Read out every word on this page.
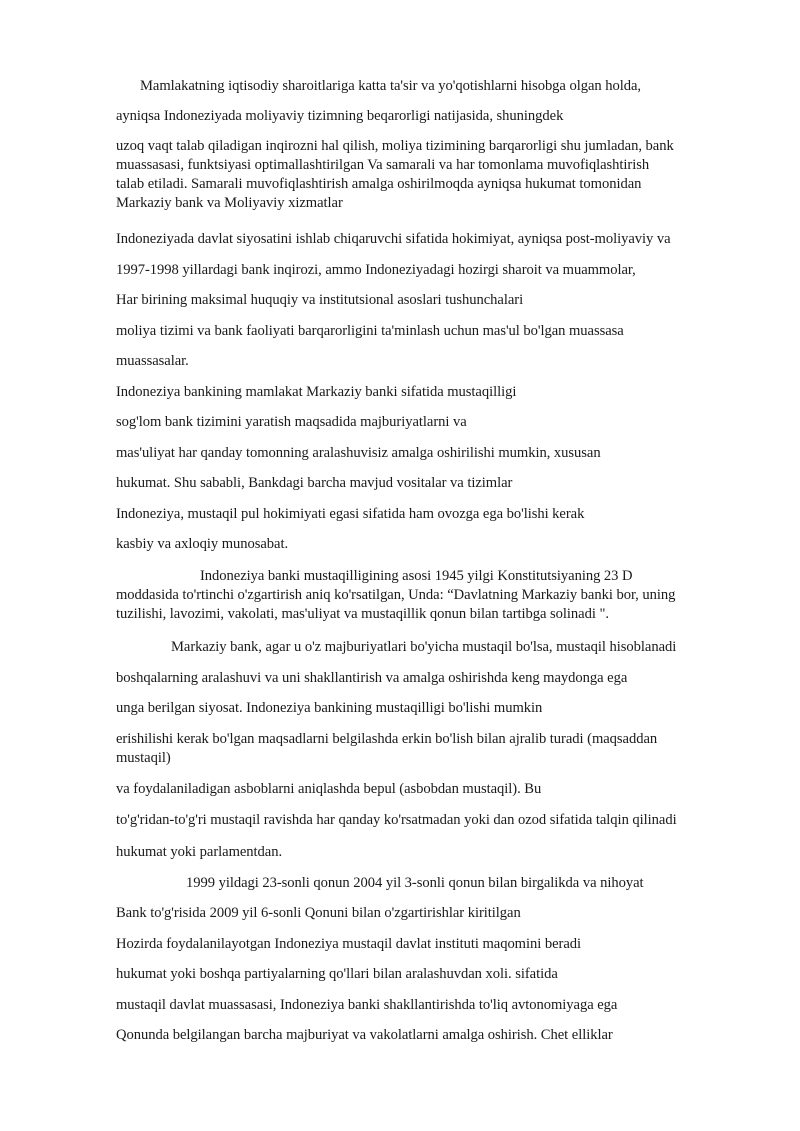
Mamlakatning iqtisodiy sharoitlariga katta ta'sir va yo'qotishlarni hisobga olgan holda,
ayniqsa Indoneziyada moliyaviy tizimning beqarorligi natijasida, shuningdek
uzoq vaqt talab qiladigan inqirozni hal qilish, moliya tizimining barqarorligi shu jumladan, bank
muassasasi, funktsiyasi optimallashtirilgan Va samarali va har tomonlama muvofiqlashtirish
talab etiladi. Samarali muvofiqlashtirish amalga oshirilmoqda ayniqsa hukumat tomonidan
Markaziy bank va Moliyaviy xizmatlar
Indoneziyada davlat siyosatini ishlab chiqaruvchi sifatida hokimiyat, ayniqsa post-moliyaviy va
1997-1998 yillardagi bank inqirozi, ammo Indoneziyadagi hozirgi sharoit va muammolar,
Har birining maksimal huquqiy va institutsional asoslari tushunchalari
moliya tizimi va bank faoliyati barqarorligini ta'minlash uchun mas'ul bo'lgan muassasa
muassasalar.
Indoneziya bankining mamlakat Markaziy banki sifatida mustaqilligi
sog'lom bank tizimini yaratish maqsadida majburiyatlarni va
mas'uliyat har qanday tomonning aralashuvisiz amalga oshirilishi mumkin, xususan
hukumat. Shu sababli, Bankdagi barcha mavjud vositalar va tizimlar
Indoneziya, mustaqil pul hokimiyati egasi sifatida ham ovozga ega bo'lishi kerak
kasbiy va axloqiy munosabat.
Indoneziya banki mustaqilligining asosi 1945 yilgi Konstitutsiyaning 23 D
moddasida to'rtinchi o'zgartirish aniq ko'rsatilgan, Unda: “Davlatning Markaziy banki bor, uning
tuzilishi, lavozimi, vakolati, mas'uliyat va mustaqillik qonun bilan tartibga solinadi ".
Markaziy bank, agar u o'z majburiyatlari bo'yicha mustaqil bo'lsa, mustaqil hisoblanadi
boshqalarning aralashuvi va uni shakllantirish va amalga oshirishda keng maydonga ega
unga berilgan siyosat. Indoneziya bankining mustaqilligi bo'lishi mumkin
erishilishi kerak bo'lgan maqsadlarni belgilashda erkin bo'lish bilan ajralib turadi (maqsaddan
mustaqil)
va foydalaniladigan asboblarni aniqlashda bepul (asbobdan mustaqil). Bu
to'g'ridan-to'g'ri mustaqil ravishda har qanday ko'rsatmadan yoki dan ozod sifatida talqin qilinadi
hukumat yoki parlamentdan.
1999 yildagi 23-sonli qonun 2004 yil 3-sonli qonun bilan birgalikda va nihoyat
Bank to'g'risida 2009 yil 6-sonli Qonuni bilan o'zgartirishlar kiritilgan
Hozirda foydalanilayotgan Indoneziya mustaqil davlat instituti maqomini beradi
hukumat yoki boshqa partiyalarning qo'llari bilan aralashuvdan xoli. sifatida
mustaqil davlat muassasasi, Indoneziya banki shakllantirishda to'liq avtonomiyaga ega
Qonunda belgilangan barcha majburiyat va vakolatlarni amalga oshirish. Chet elliklar
